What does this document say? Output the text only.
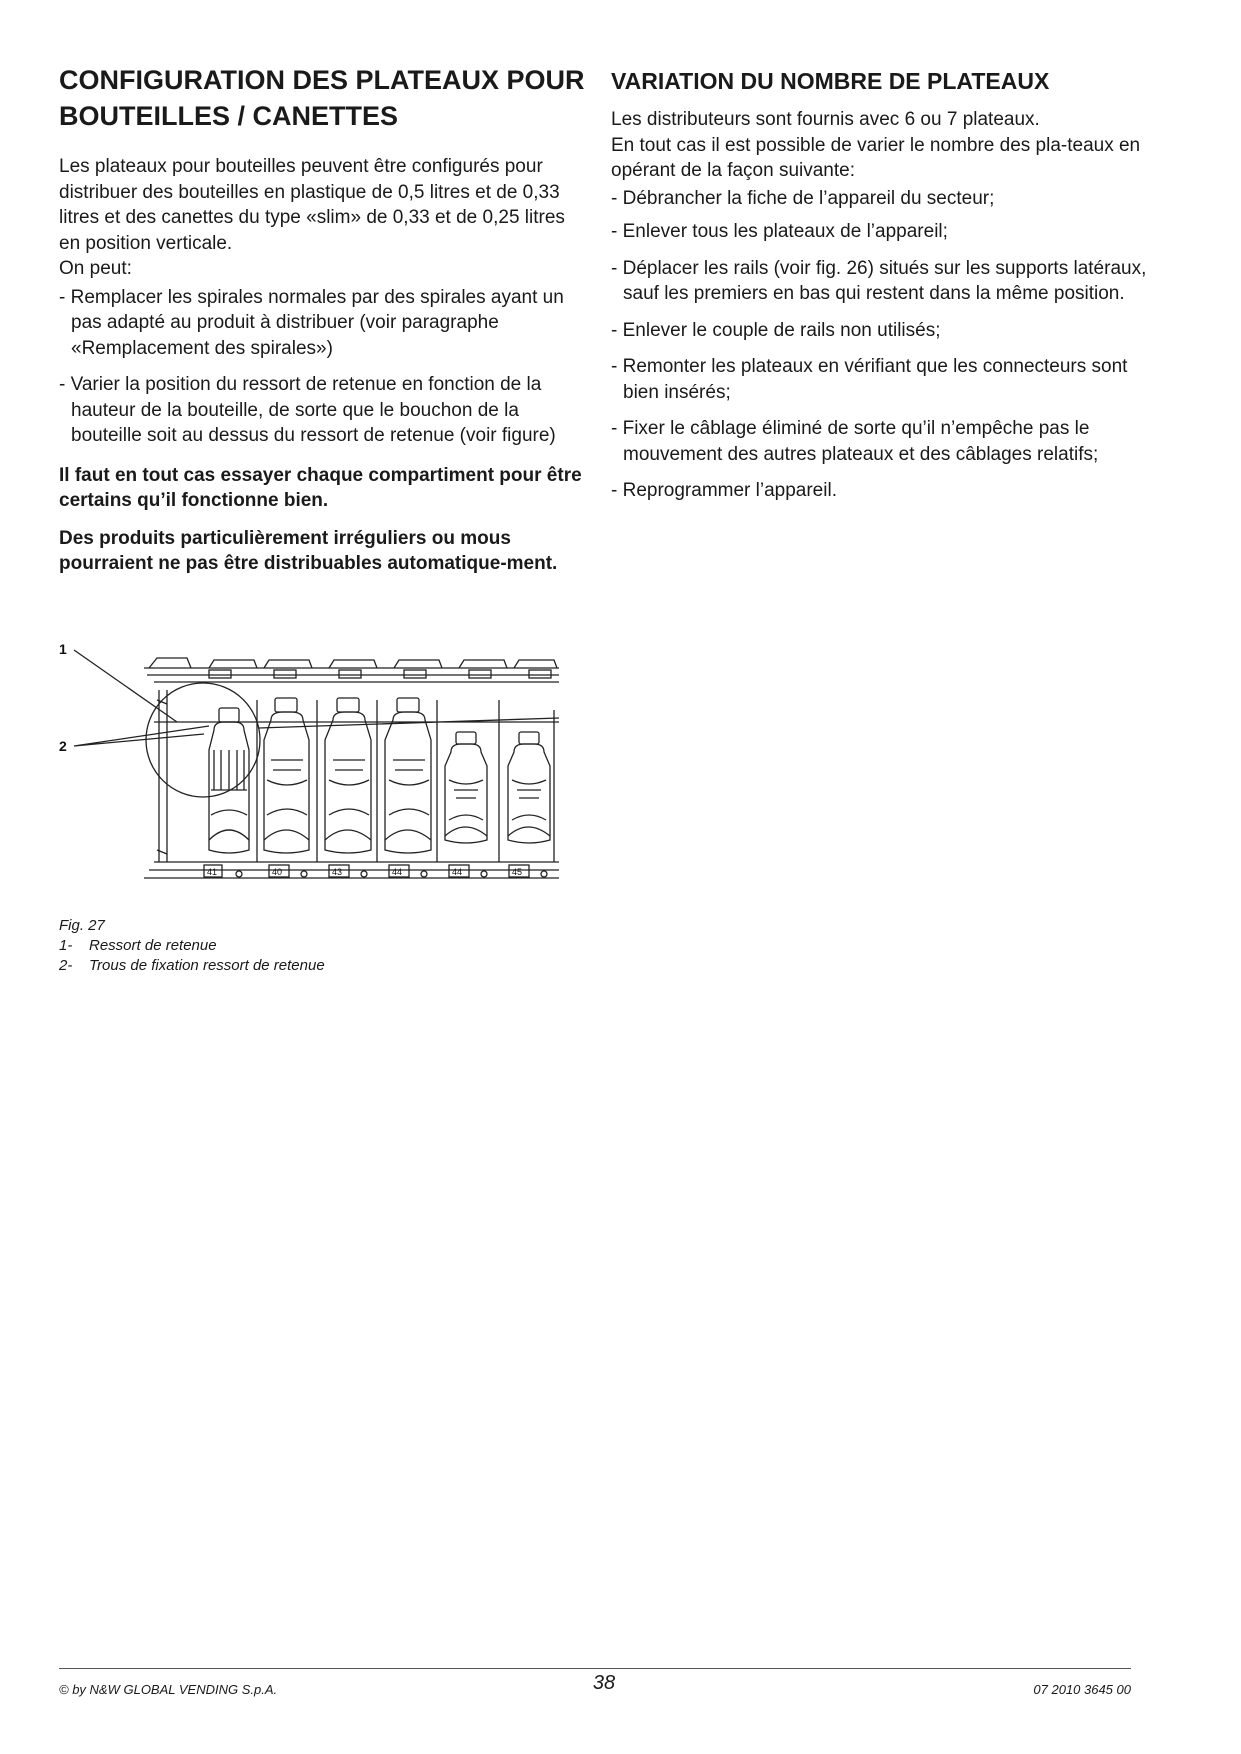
CONFIGURATION DES PLATEAUX POUR BOUTEILLES / CANETTES

Les plateaux pour bouteilles peuvent être configurés pour distribuer des bouteilles en plastique de 0,5 litres et de 0,33 litres et des canettes du type «slim» de 0,33 et de 0,25 litres en position verticale.

On peut:

- Remplacer les spirales normales par des spirales ayant un pas adapté au produit à distribuer (voir paragraphe «Remplacement des spirales»)
- Varier la position du ressort de retenue en fonction de la hauteur de la bouteille, de sorte que le bouchon de la bouteille soit au dessus du ressort de retenue (voir figure)
Il faut en tout cas essayer chaque compartiment pour être certains qu’il fonctionne bien.
Des produits particulièrement irréguliers ou mous pourraient ne pas être distribuables automatique-ment.
1
2
41	40	43	44	44	45
Fig. 27
1- Ressort de retenue
2- Trous de fixation ressort de retenue
VARIATION DU NOMBRE DE PLATEAUX

Les distributeurs sont fournis avec 6 ou 7 plateaux.

En tout cas il est possible de varier le nombre des pla-teaux en opérant de la façon suivante:

- Débrancher la fiche de l’appareil du secteur;
- Enlever tous les plateaux de l’appareil;
- Déplacer les rails (voir fig. 26) situés sur les supports latéraux, sauf les premiers en bas qui restent dans la même position.
- Enlever le couple de rails non utilisés;
- Remonter les plateaux en vérifiant que les connecteurs sont bien insérés;
- Fixer le câblage éliminé de sorte qu’il n’empêche pas le mouvement des autres plateaux et des câblages relatifs;
- Reprogrammer l’appareil.
© by N&W GLOBAL VENDING S.p.A.	38	07 2010 3645 00
